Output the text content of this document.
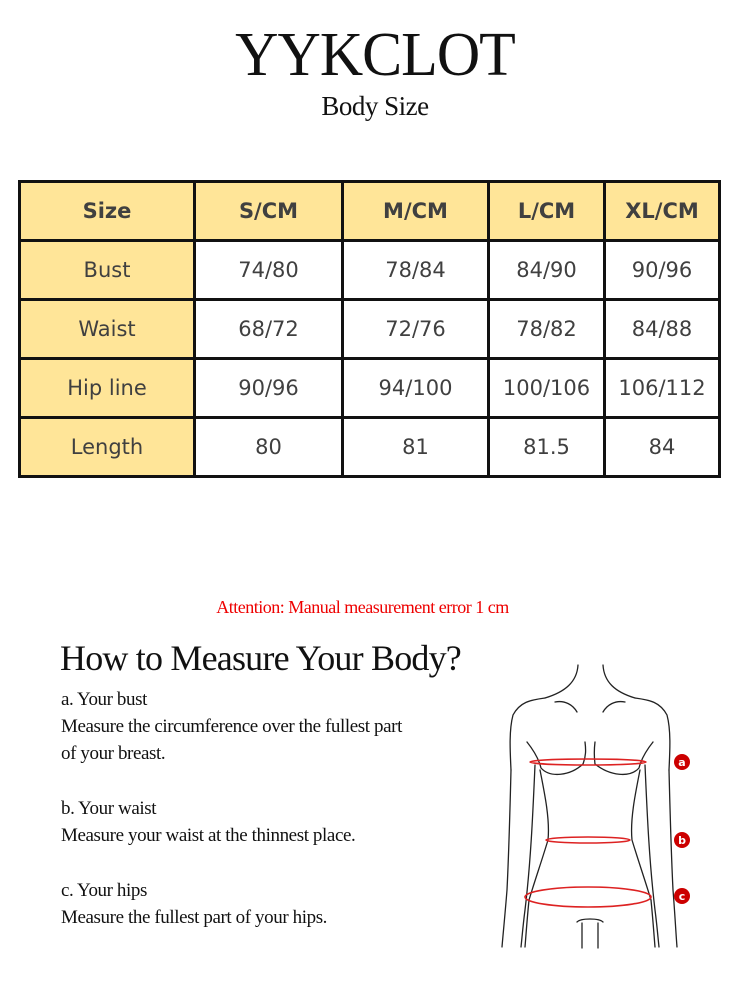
YYKCLOT
Body Size
Size	S/CM	M/CM	L/CM	XL/CM
Bust	74/80	78/84	84/90	90/96
Waist	68/72	72/76	78/82	84/88
Hip line	90/96	94/100	100/106	106/112
Length	80	81	81.5	84
Attention: Manual measurement error 1 cm
How to Measure Your Body?
a. Your bust
Measure the circumference over the fullest part
of your breast.
b. Your waist
Measure your waist at the thinnest place.
c. Your hips
Measure the fullest part of your hips.
a
b
c
